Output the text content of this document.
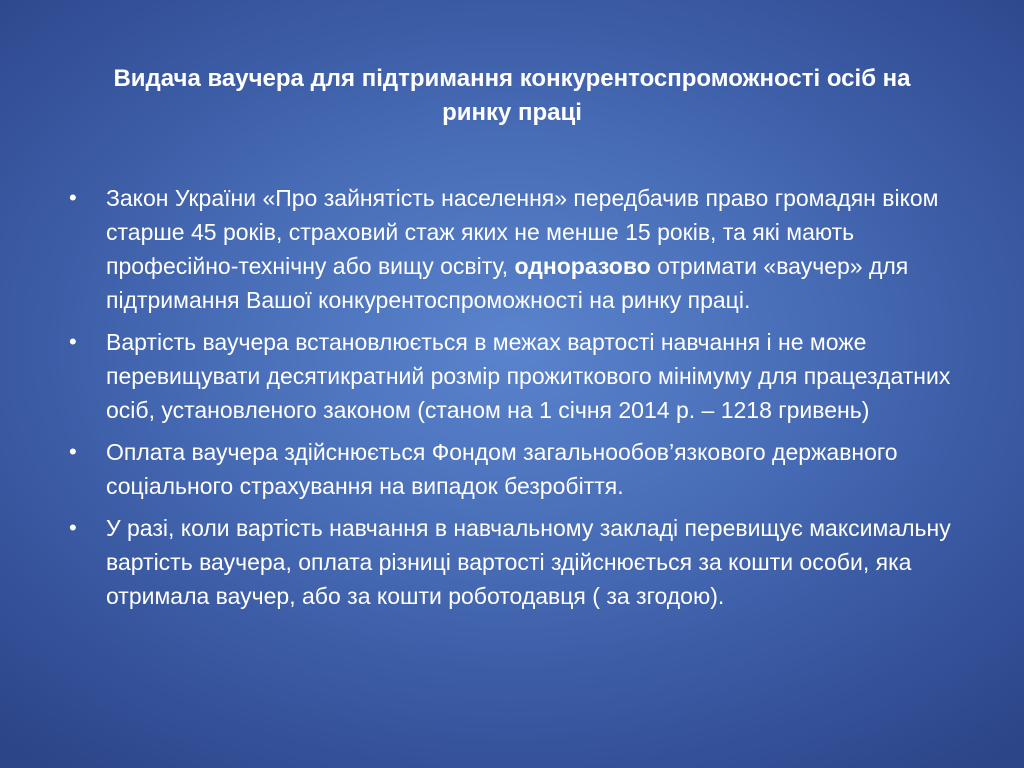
Видача ваучера для підтримання конкурентоспроможності осіб на ринку праці
• Закон України «Про зайнятість населення» передбачив право громадян віком старше 45 років, страховий стаж яких не менше 15 років, та які мають професійно-технічну або вищу освіту, одноразово отримати «ваучер» для підтримання Вашої конкурентоспроможності на ринку праці.
• Вартість ваучера встановлюється в межах вартості навчання і не може перевищувати десятикратний розмір прожиткового мінімуму для працездатних осіб, установленого законом (станом на 1 січня 2014 р. – 1218 гривень)
• Оплата ваучера здійснюється Фондом загальнообов’язкового державного соціального страхування на випадок безробіття.
• У разі, коли вартість навчання в навчальному закладі перевищує максимальну вартість ваучера, оплата різниці вартості здійснюється за кошти особи, яка отримала ваучер, або за кошти роботодавця ( за згодою).
